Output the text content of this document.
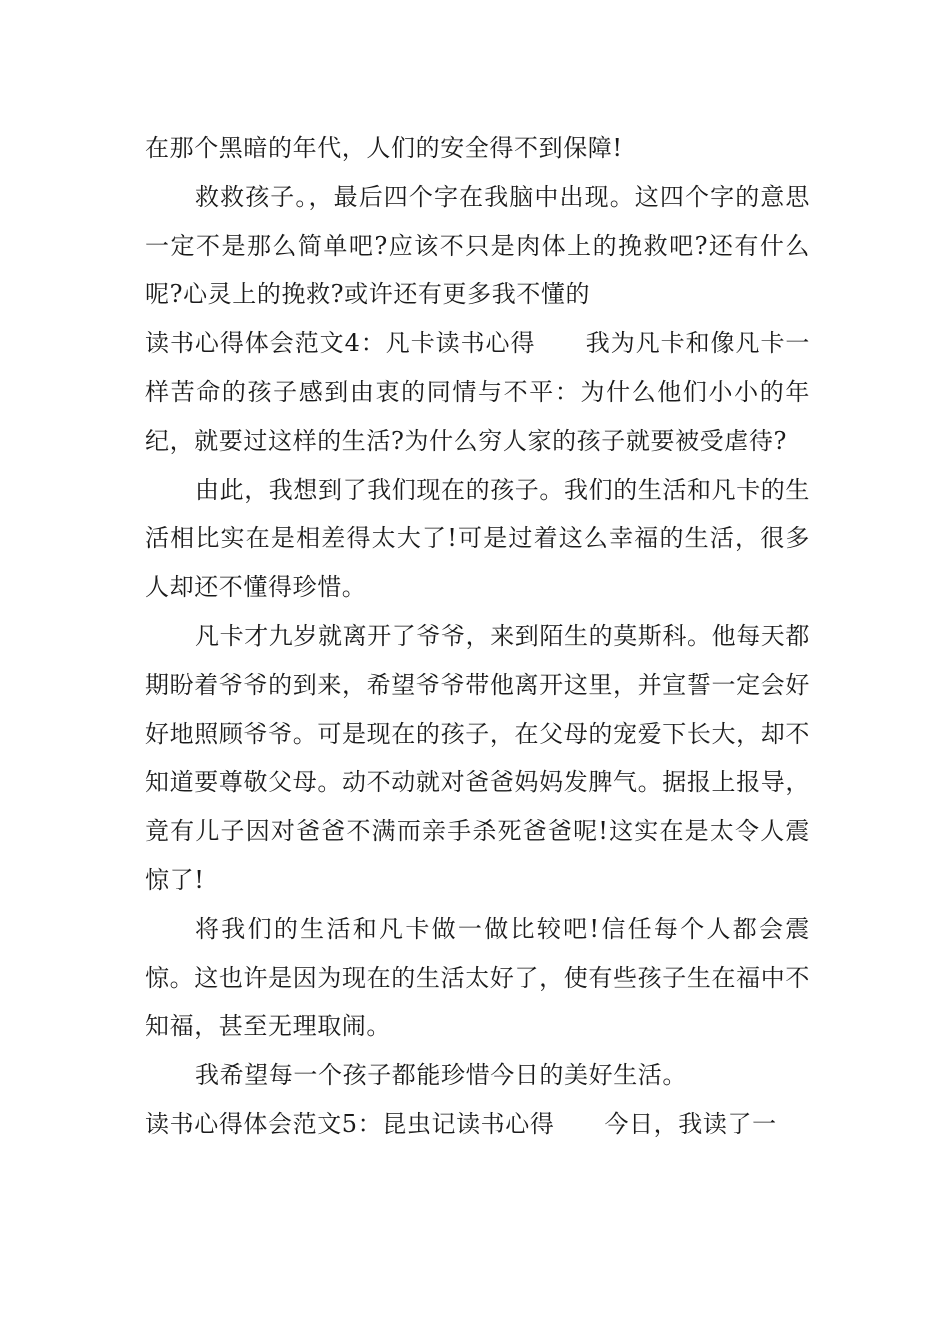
在那个黑暗的年代，人们的安全得不到保障!

救救孩子。，最后四个字在我脑中出现。这四个字的意思一定不是那么简单吧?应该不只是肉体上的挽救吧?还有什么呢?心灵上的挽救?或许还有更多我不懂的

读书心得体会范文4：凡卡读书心得 我为凡卡和像凡卡一样苦命的孩子感到由衷的同情与不平：为什么他们小小的年纪，就要过这样的生活?为什么穷人家的孩子就要被受虐待?

由此，我想到了我们现在的孩子。我们的生活和凡卡的生活相比实在是相差得太大了!可是过着这么幸福的生活，很多人却还不懂得珍惜。

凡卡才九岁就离开了爷爷，来到陌生的莫斯科。他每天都期盼着爷爷的到来，希望爷爷带他离开这里，并宣誓一定会好好地照顾爷爷。可是现在的孩子，在父母的宠爱下长大，却不知道要尊敬父母。动不动就对爸爸妈妈发脾气。据报上报导，竟有儿子因对爸爸不满而亲手杀死爸爸呢!这实在是太令人震惊了!

将我们的生活和凡卡做一做比较吧!信任每个人都会震惊。这也许是因为现在的生活太好了，使有些孩子生在福中不知福，甚至无理取闹。

我希望每一个孩子都能珍惜今日的美好生活。

读书心得体会范文5：昆虫记读书心得 今日，我读了一
